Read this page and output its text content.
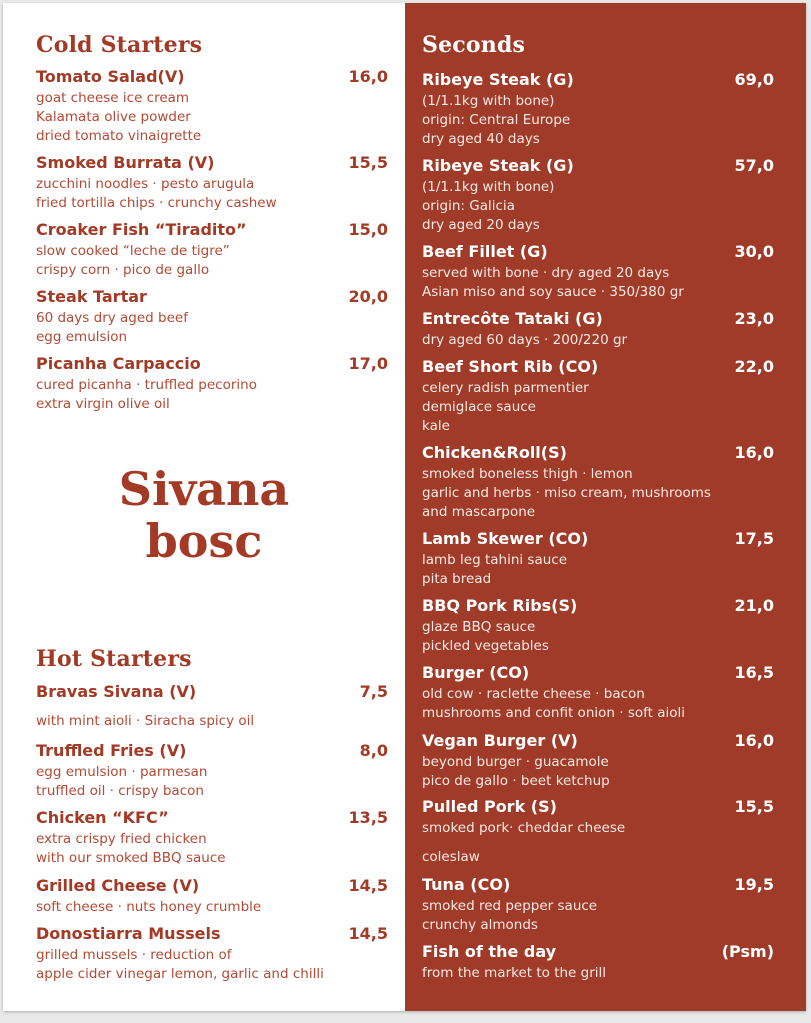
Cold Starters
Tomato Salad(V)	16,0
goat cheese ice cream
Kalamata olive powder
dried tomato vinaigrette
Smoked Burrata (V)	15,5
zucchini noodles · pesto arugula
fried tortilla chips · crunchy cashew
Croaker Fish “Tiradito”	15,0
slow cooked “leche de tigre”
crispy corn · pico de gallo
Steak Tartar	20,0
60 days dry aged beef
egg emulsion
Picanha Carpaccio	17,0
cured picanha · truffled pecorino
extra virgin olive oil
Sivana
bosc
Hot Starters
Bravas Sivana (V)	7,5
with mint aioli · Siracha spicy oil
Truffled Fries (V)	8,0
egg emulsion · parmesan
truffled oil · crispy bacon
Chicken “KFC”	13,5
extra crispy fried chicken
with our smoked BBQ sauce
Grilled Cheese (V)	14,5
soft cheese · nuts honey crumble
Donostiarra Mussels	14,5
grilled mussels · reduction of
apple cider vinegar lemon, garlic and chilli
Seconds
Ribeye Steak (G)	69,0
(1/1.1kg with bone)
origin: Central Europe
dry aged 40 days
Ribeye Steak (G)	57,0
(1/1.1kg with bone)
origin: Galicia
dry aged 20 days
Beef Fillet (G)	30,0
served with bone · dry aged 20 days
Asian miso and soy sauce · 350/380 gr
Entrecôte Tataki (G)	23,0
dry aged 60 days · 200/220 gr
Beef Short Rib (CO)	22,0
celery radish parmentier
demiglace sauce
kale
Chicken&Roll(S)	16,0
smoked boneless thigh · lemon
garlic and herbs · miso cream, mushrooms
and mascarpone
Lamb Skewer (CO)	17,5
lamb leg tahini sauce
pita bread
BBQ Pork Ribs(S)	21,0
glaze BBQ sauce
pickled vegetables
Burger (CO)	16,5
old cow · raclette cheese · bacon
mushrooms and confit onion · soft aioli
Vegan Burger (V)	16,0
beyond burger · guacamole
pico de gallo · beet ketchup
Pulled Pork (S)	15,5
smoked pork· cheddar cheese
coleslaw
Tuna (CO)	19,5
smoked red pepper sauce
crunchy almonds
Fish of the day	(Psm)
from the market to the grill
